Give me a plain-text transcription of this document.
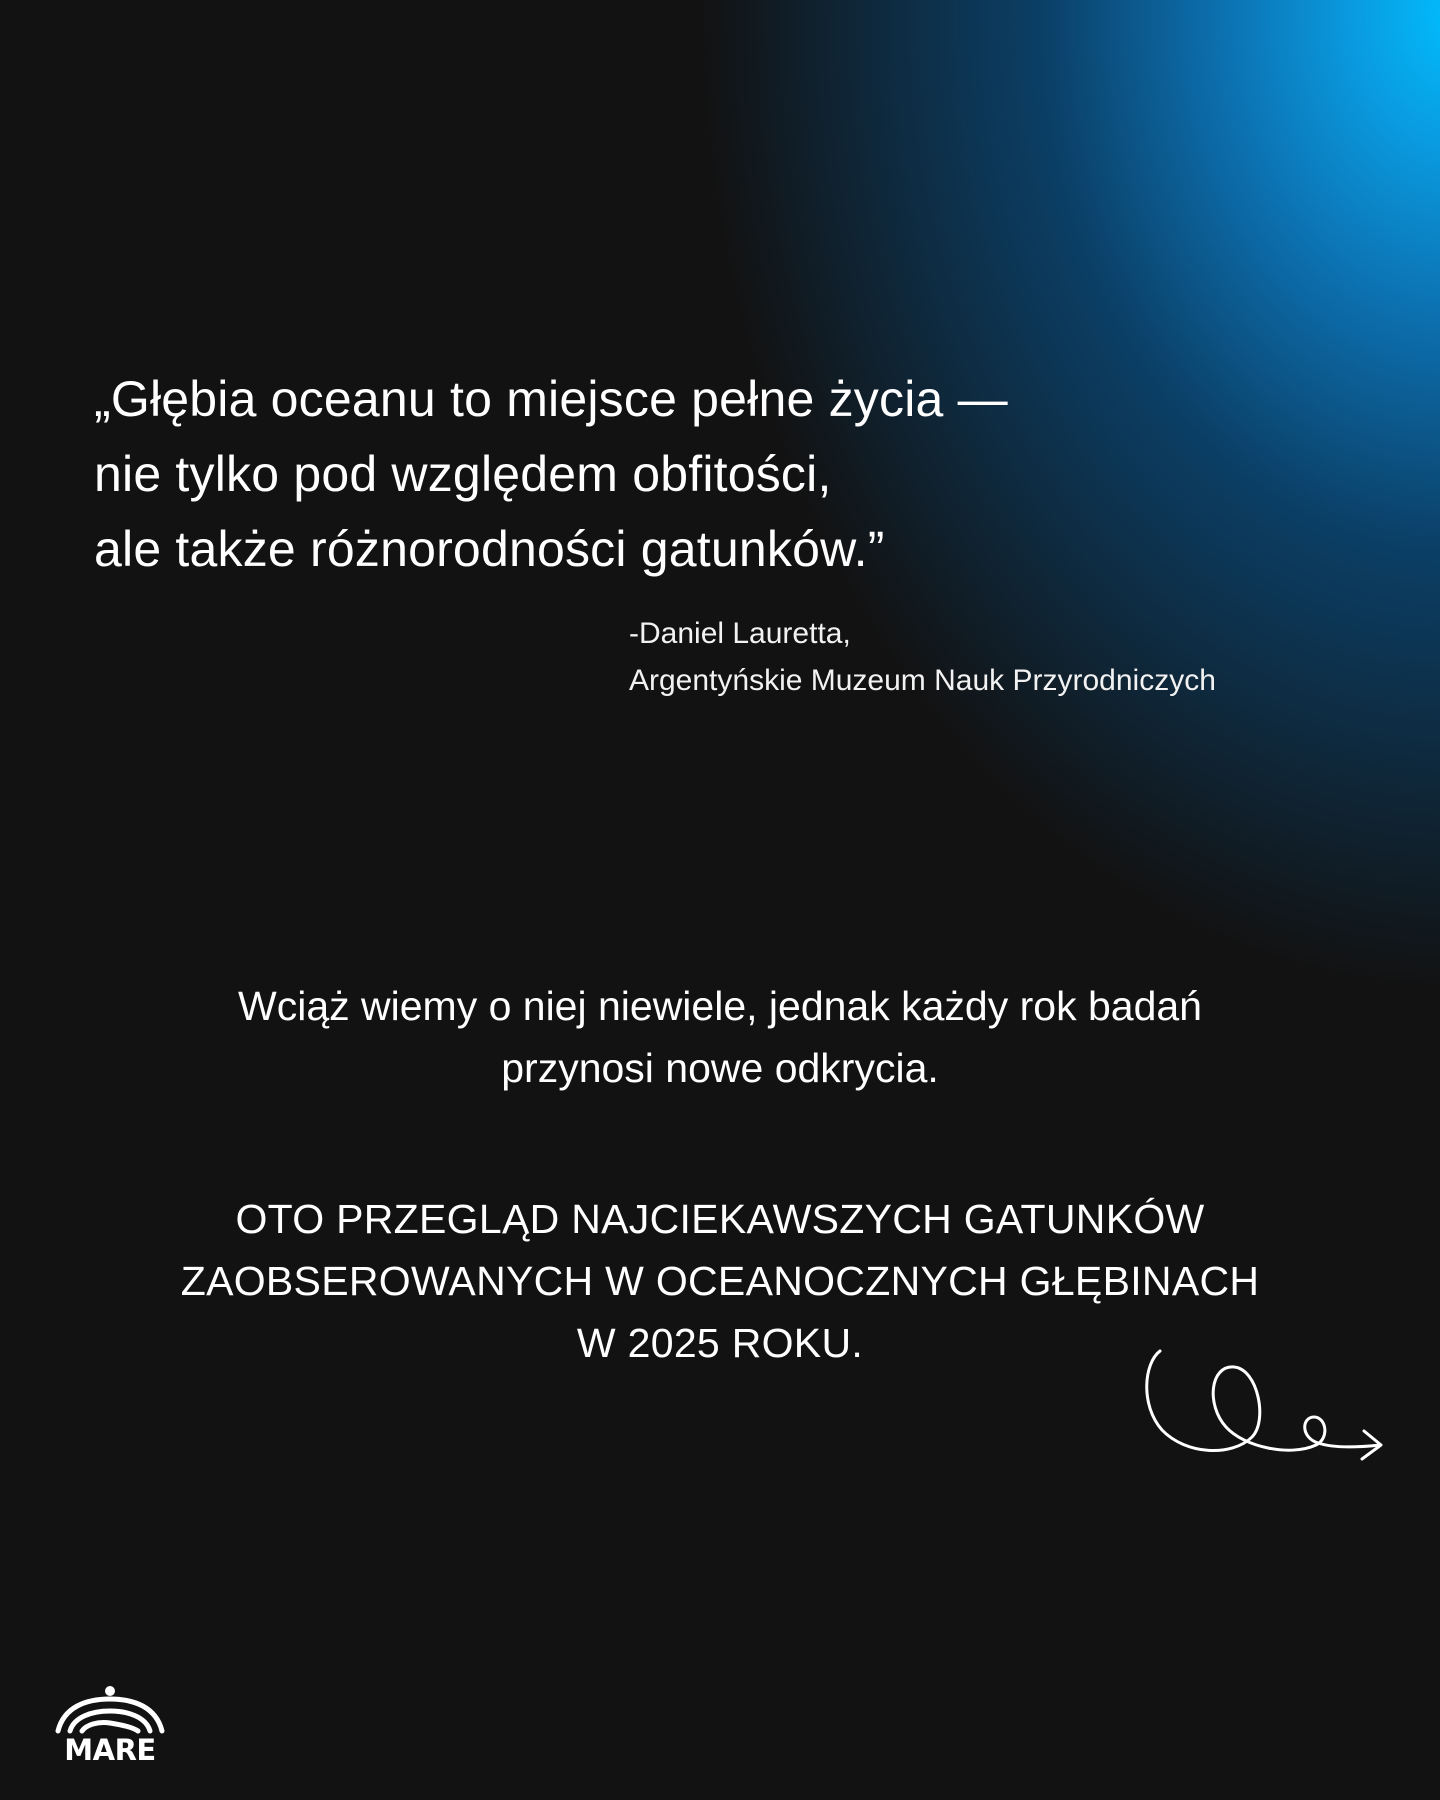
„Głębia oceanu to miejsce pełne życia —
nie tylko pod względem obfitości,
ale także różnorodności gatunków.”
-Daniel Lauretta,
Argentyńskie Muzeum Nauk Przyrodniczych
Wciąż wiemy o niej niewiele, jednak każdy rok badań
przynosi nowe odkrycia.
OTO PRZEGLĄD NAJCIEKAWSZYCH GATUNKÓW
ZAOBSEROWANYCH W OCEANOCZNYCH GŁĘBINACH
W 2025 ROKU.
MARE
